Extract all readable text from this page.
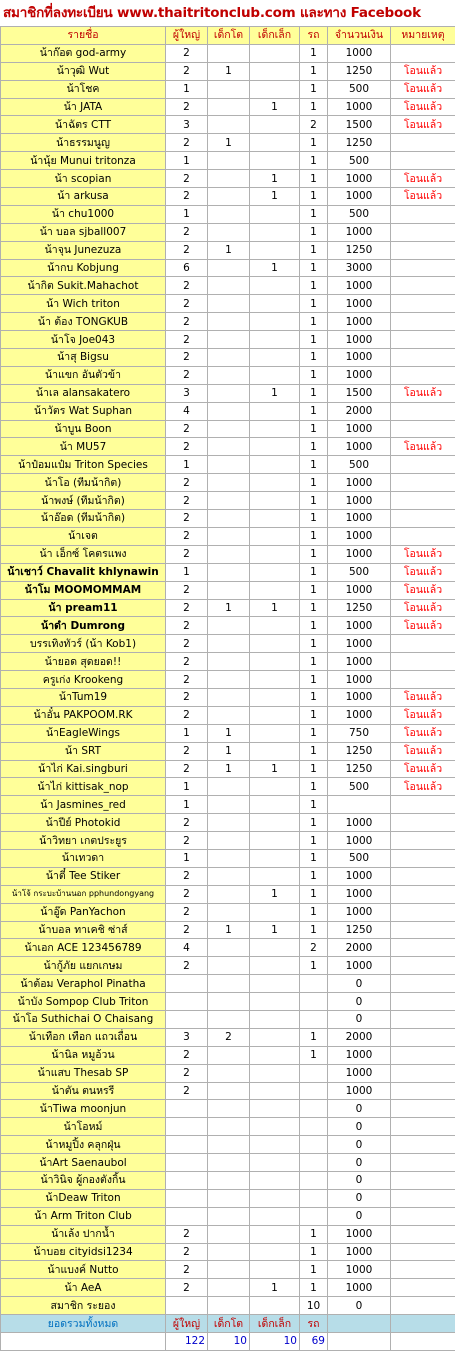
สมาชิกที่ลงทะเบียน www.thaitritonclub.com และทาง Facebook
รายชื่อ	ผู้ใหญ่	เด็กโต	เด็กเล็ก	รถ	จำนวนเงิน	หมายเหตุ
น้าก๊อต god-army	2			1	1000	
น้าวุฒิ Wut	2	1		1	1250	โอนแล้ว
น้าโชค	1			1	500	โอนแล้ว
น้า JATA	2		1	1	1000	โอนแล้ว
น้าฉัตร CTT	3			2	1500	โอนแล้ว
น้าธรรมนูญ	2	1		1	1250	
น้านุ้ย Munui tritonza	1			1	500	
น้า scopian	2		1	1	1000	โอนแล้ว
น้า arkusa	2		1	1	1000	โอนแล้ว
น้า chu1000	1			1	500	
น้า บอล sjball007	2			1	1000	
น้าจุน Junezuza	2	1		1	1250	
น้ากบ Kobjung	6		1	1	3000	
น้ากิต Sukit.Mahachot	2			1	1000	
น้า Wich triton	2			1	1000	
น้า ต้อง TONGKUB	2			1	1000	
น้าโจ Joe043	2			1	1000	
น้าสุ Bigsu	2			1	1000	
น้าแขก อันตัวข้า	2			1	1000	
น้าเล alansakatero	3		1	1	1500	โอนแล้ว
น้าวัตร Wat Suphan	4			1	2000	
น้าบูน Boon	2			1	1000	
น้า MU57	2			1	1000	โอนแล้ว
น้าป๋อมแป๋ม Triton Species	1			1	500	
น้าโอ (ทีมน้ากิต)	2			1	1000	
น้าพงษ์ (ทีมน้ากิต)	2			1	1000	
น้าอ๊อด (ทีมน้ากิต)	2			1	1000	
น้าเจต	2			1	1000	
น้า เอ็กซ์ โคตรแพง	2			1	1000	โอนแล้ว
น้าเชาว์ Chavalit khlynawin	1			1	500	โอนแล้ว
น้าโม MOOMOMMAM	2			1	1000	โอนแล้ว
น้า pream11	2	1	1	1	1250	โอนแล้ว
น้าดำ Dumrong	2			1	1000	โอนแล้ว
บรรเทิงทัวร์ (น้า Kob1)	2			1	1000	
น้ายอด สุดยอด!!	2			1	1000	
ครูเก่ง Krookeng	2			1	1000	
น้าTum19	2			1	1000	โอนแล้ว
น้าอั๋น PAKPOOM.RK	2			1	1000	โอนแล้ว
น้าEagleWings	1	1		1	750	โอนแล้ว
น้า SRT	2	1		1	1250	โอนแล้ว
น้าไก่ Kai.singburi	2	1	1	1	1250	โอนแล้ว
น้าไก่ kittisak_nop	1			1	500	โอนแล้ว
น้า Jasmines_red	1			1		
น้าปีย์ Photokid	2			1	1000	
น้าวิทยา เกตประยูร	2			1	1000	
น้าเทวดา	1			1	500	
น้าตี๋ Tee Stiker	2			1	1000	
น้าโจ้ กระบะบ้านนอก pphundongyang	2		1	1	1000	
น้าอู๊ด PanYachon	2			1	1000	
น้าบอล ทาเคชิ ซ่าส์	2	1	1	1	1250	
น้าเอก ACE 123456789	4			2	2000	
น้ากู้ภัย แยกเกษม	2			1	1000	
น้าต้อม Veraphol Pinatha					0	
น้าบัง Sompop Club Triton					0	
น้าโอ Suthichai O Chaisang					0	
น้าเทือก เทือก แถวเถื่อน	3	2		1	2000	
น้านิล หมูอ้วน	2			1	1000	
น้าแสบ Thesab SP	2				1000	
น้าตัน ตนหรรี	2				1000	
น้าTiwa moonjun					0	
น้าโอหม์					0	
น้าหมูปิ้ง คลุกฝุ่น					0	
น้าArt Saenaubol					0	
น้าวินิจ ผู้กองตังกิ้น					0	
น้าDeaw Triton					0	
น้า Arm Triton Club					0	
น้าเล้ง ปากน้ำ	2			1	1000	
น้าบอย cityidsi1234	2			1	1000	
น้าแบงค์ Nutto	2			1	1000	
น้า AeA	2		1	1	1000	
สมาชิก ระยอง				10	0	
ยอดรวมทั้งหมด	ผู้ใหญ่	เด็กโต	เด็กเล็ก	รถ		
	122	10	10	69		
